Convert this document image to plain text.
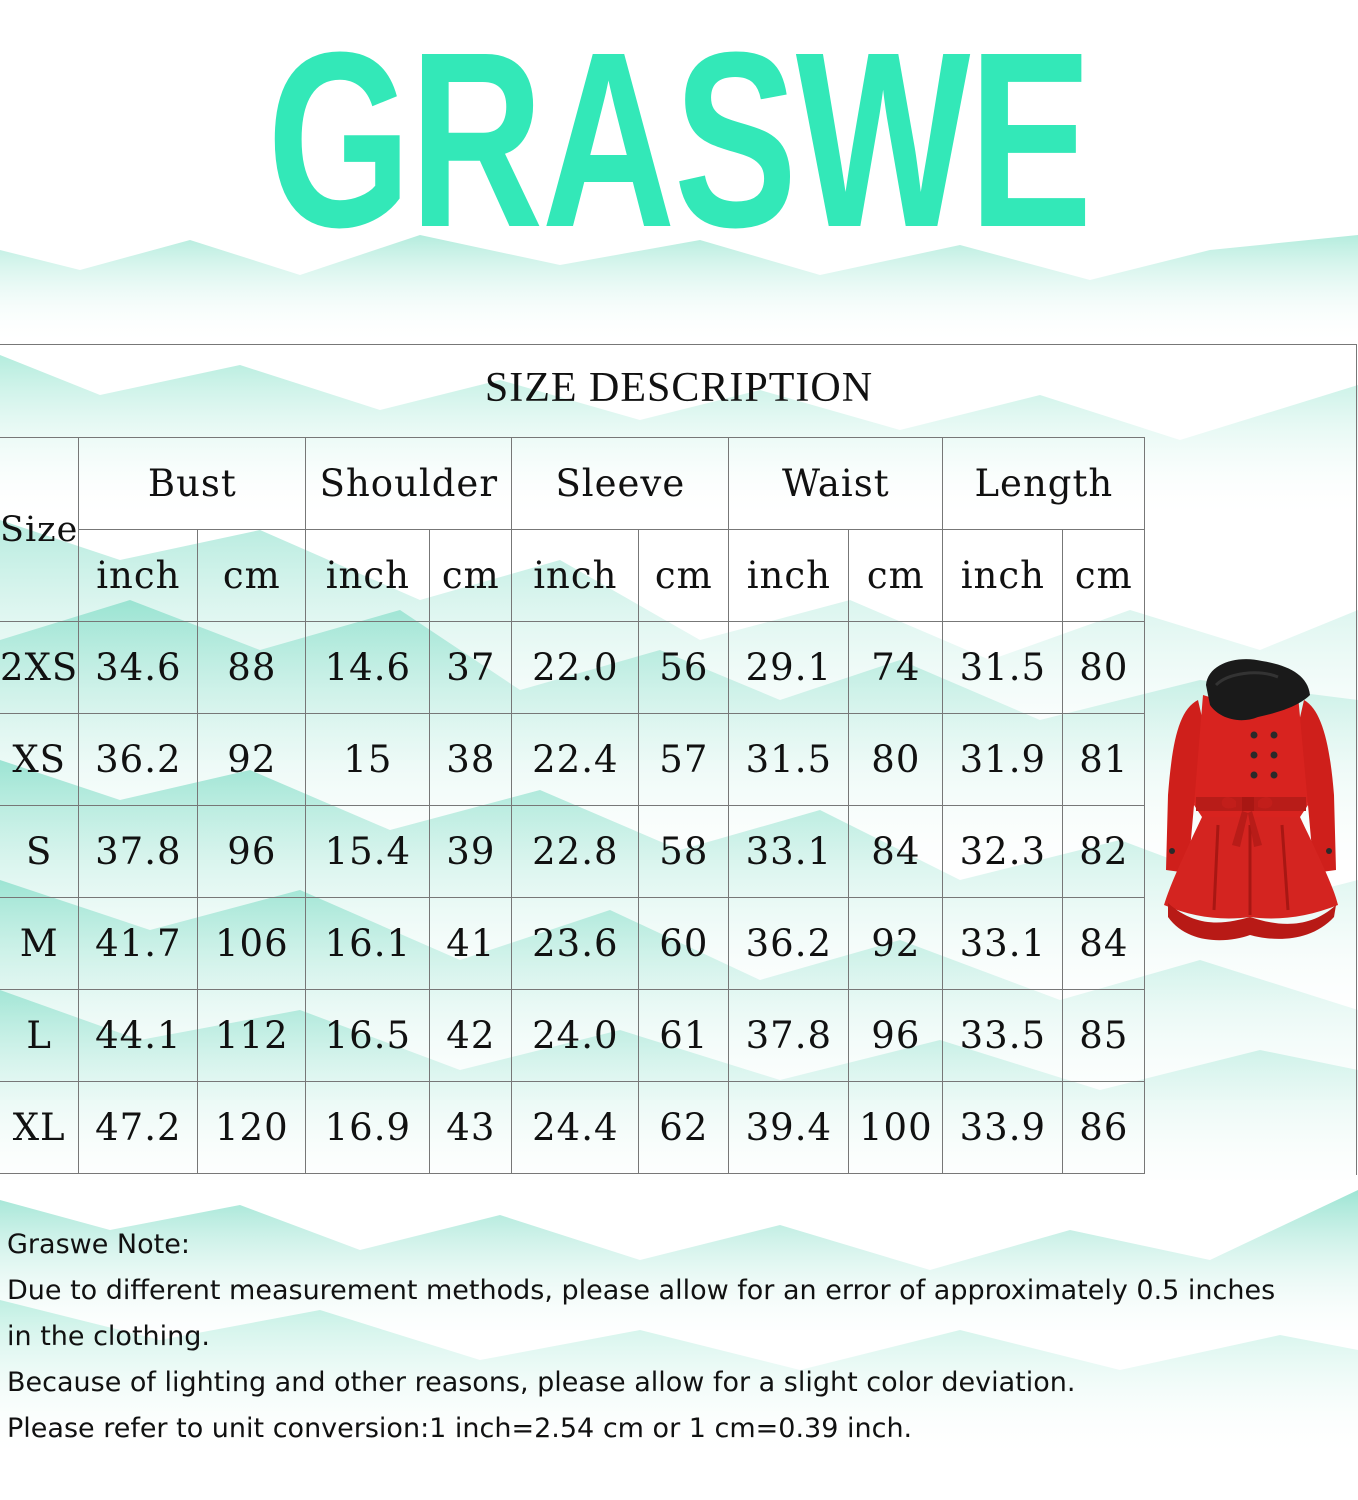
GRASWE
SIZE DESCRIPTION
Size	Bust		Shoulder		Sleeve		Waist		Length	
	inch	cm	inch	cm	inch	cm	inch	cm	inch	cm
2XS	34.6	88	14.6	37	22.0	56	29.1	74	31.5	80
XS	36.2	92	15	38	22.4	57	31.5	80	31.9	81
S	37.8	96	15.4	39	22.8	58	33.1	84	32.3	82
M	41.7	106	16.1	41	23.6	60	36.2	92	33.1	84
L	44.1	112	16.5	42	24.0	61	37.8	96	33.5	85
XL	47.2	120	16.9	43	24.4	62	39.4	100	33.9	86
Graswe Note:
Due to different measurement methods, please allow for an error of approximately 0.5 inches
in the clothing.
Because of lighting and other reasons, please allow for a slight color deviation.
Please refer to unit conversion:1 inch=2.54 cm or 1 cm=0.39 inch.
